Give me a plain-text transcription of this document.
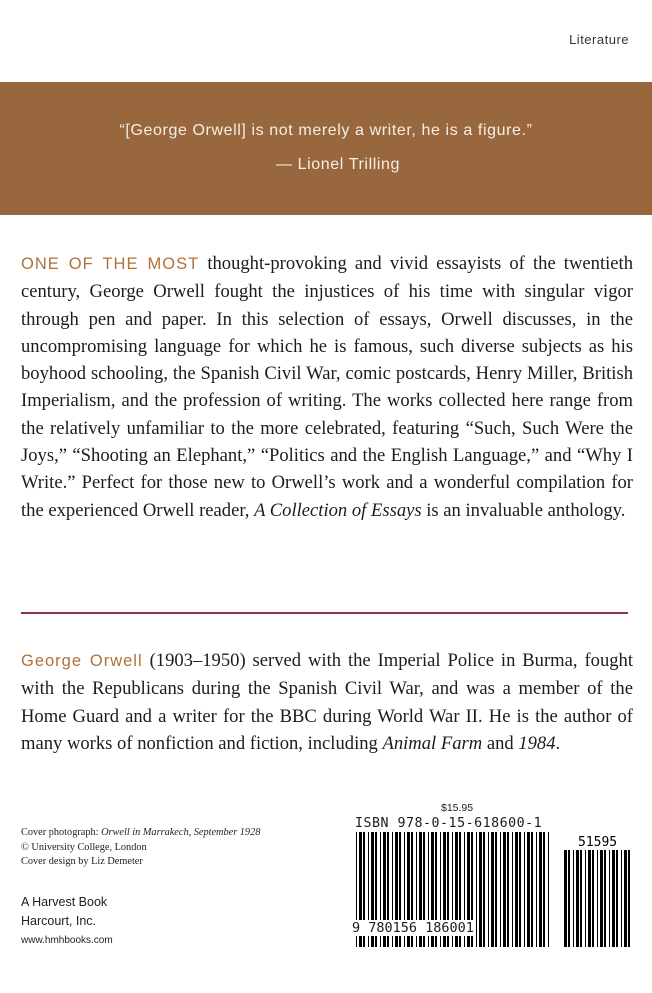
Literature
“[George Orwell] is not merely a writer, he is a figure.”
— Lionel Trilling
ONE OF THE MOST thought-provoking and vivid essayists of the twentieth century, George Orwell fought the injustices of his time with singular vigor through pen and paper. In this selection of essays, Orwell discusses, in the uncompromising language for which he is famous, such diverse subjects as his boyhood schooling, the Spanish Civil War, comic postcards, Henry Miller, British Imperialism, and the profession of writing. The works collected here range from the relatively unfamiliar to the more celebrated, featuring “Such, Such Were the Joys,” “Shooting an Elephant,” “Politics and the English Language,” and “Why I Write.” Perfect for those new to Orwell’s work and a wonderful compilation for the experienced Orwell reader, A Collection of Essays is an invaluable anthology.
George Orwell (1903–1950) served with the Imperial Police in Burma, fought with the Republicans during the Spanish Civil War, and was a member of the Home Guard and a writer for the BBC during World War II. He is the author of many works of nonfiction and fiction, including Animal Farm and 1984.
Cover photograph: Orwell in Marrakech, September 1928
© University College, London
Cover design by Liz Demeter
A Harvest Book
Harcourt, Inc.
www.hmhbooks.com
$15.95
ISBN 978-0-15-618600-1
51595
9 780156 186001
